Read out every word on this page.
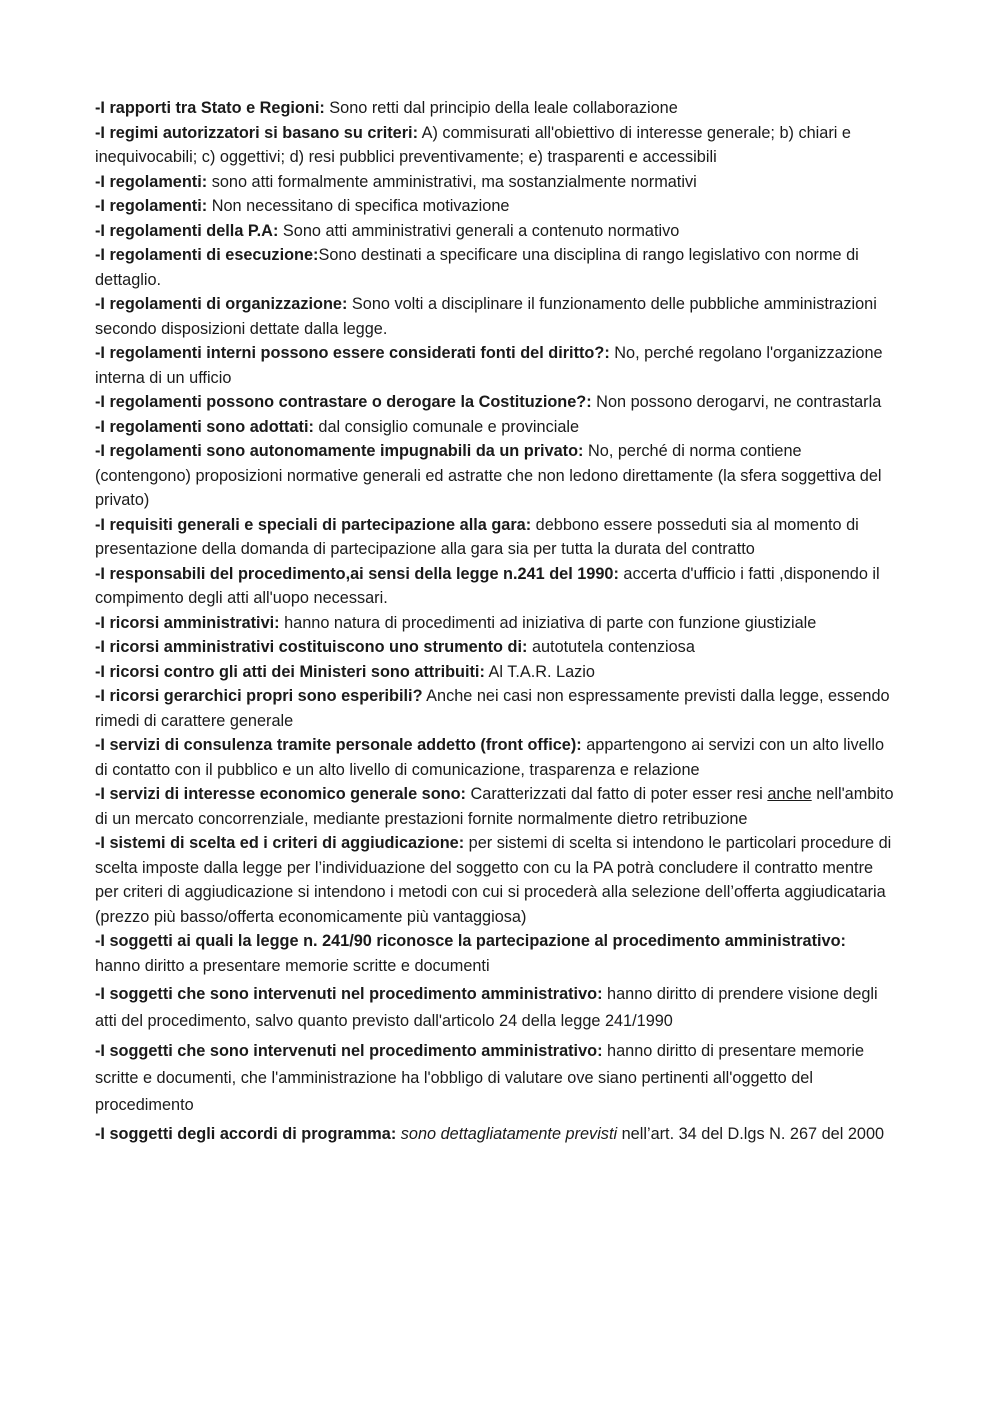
-I rapporti tra Stato e Regioni: Sono retti dal principio della leale collaborazione

-I regimi autorizzatori si basano su criteri: A) commisurati all'obiettivo di interesse generale; b) chiari e inequivocabili; c) oggettivi; d) resi pubblici preventivamente; e) trasparenti e accessibili

-I regolamenti: sono atti formalmente amministrativi, ma sostanzialmente normativi

-I regolamenti: Non necessitano di specifica motivazione

-I regolamenti della P.A: Sono atti amministrativi generali a contenuto normativo

-I regolamenti di esecuzione:Sono destinati a specificare una disciplina di rango legislativo con norme di dettaglio.

-I regolamenti di organizzazione: Sono volti a disciplinare il funzionamento delle pubbliche amministrazioni secondo disposizioni dettate dalla legge.

-I regolamenti interni possono essere considerati fonti del diritto?: No, perché regolano l'organizzazione interna di un ufficio

-I regolamenti possono contrastare o derogare la Costituzione?: Non possono derogarvi, ne contrastarla

-I regolamenti sono adottati: dal consiglio comunale e provinciale

-I regolamenti sono autonomamente impugnabili da un privato: No, perché di norma contiene (contengono) proposizioni normative generali ed astratte che non ledono direttamente (la sfera soggettiva del privato)

-I requisiti generali e speciali di partecipazione alla gara: debbono essere posseduti sia al momento di presentazione della domanda di partecipazione alla gara sia per tutta la durata del contratto

-I responsabili del procedimento,ai sensi della legge n.241 del 1990: accerta d'ufficio i fatti ,disponendo il compimento degli atti all'uopo necessari.

-I ricorsi amministrativi: hanno natura di procedimenti ad iniziativa di parte con funzione giustiziale

-I ricorsi amministrativi costituiscono uno strumento di: autotutela contenziosa

-I ricorsi contro gli atti dei Ministeri sono attribuiti: Al T.A.R. Lazio

-I ricorsi gerarchici propri sono esperibili? Anche nei casi non espressamente previsti dalla legge, essendo rimedi di carattere generale

-I servizi di consulenza tramite personale addetto (front office): appartengono ai servizi con un alto livello di contatto con il pubblico e un alto livello di comunicazione, trasparenza e relazione

-I servizi di interesse economico generale sono: Caratterizzati dal fatto di poter esser resi anche nell'ambito di un mercato concorrenziale, mediante prestazioni fornite normalmente dietro retribuzione

-I sistemi di scelta ed i criteri di aggiudicazione: per sistemi di scelta si intendono le particolari procedure di scelta imposte dalla legge per l’individuazione del soggetto con cu la PA potrà concludere il contratto mentre per criteri di aggiudicazione si intendono i metodi con cui si procederà alla selezione dell’offerta aggiudicataria (prezzo più basso/offerta economicamente più vantaggiosa)

-I soggetti ai quali la legge n. 241/90 riconosce la partecipazione al procedimento amministrativo: hanno diritto a presentare memorie scritte e documenti

-I soggetti che sono intervenuti nel procedimento amministrativo: hanno diritto di prendere visione degli atti del procedimento, salvo quanto previsto dall'articolo 24 della legge 241/1990

-I soggetti che sono intervenuti nel procedimento amministrativo: hanno diritto di presentare memorie scritte e documenti, che l'amministrazione ha l'obbligo di valutare ove siano pertinenti all'oggetto del procedimento

-I soggetti degli accordi di programma: sono dettagliatamente previsti nell’art. 34 del D.lgs N. 267 del 2000
